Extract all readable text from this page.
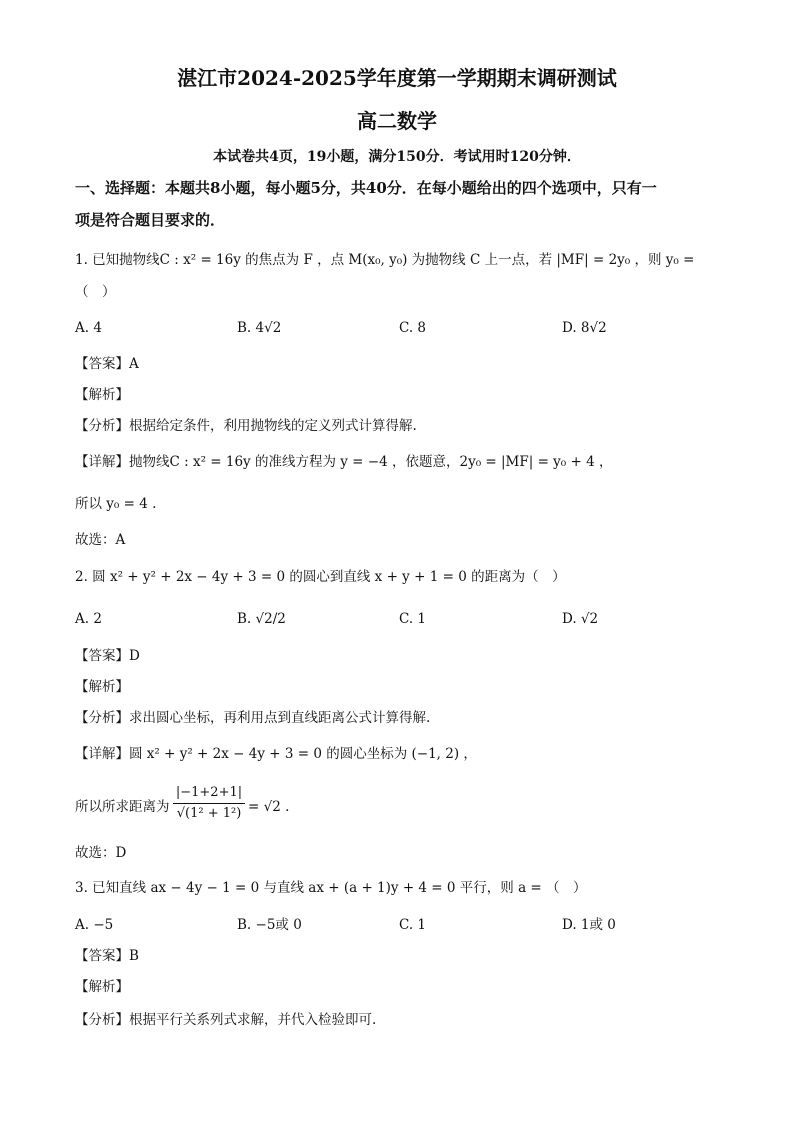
湛江市2024-2025学年度第一学期期末调研测试
高二数学
本试卷共4页，19小题，满分150分．考试用时120分钟．
一、选择题：本题共8小题，每小题5分，共40分．在每小题给出的四个选项中，只有一
项是符合题目要求的．
1. 已知抛物线C : x² = 16y 的焦点为 F ，点 M(x₀, y₀) 为抛物线 C 上一点，若 |MF| = 2y₀ ，则 y₀ =
（　）
A. 4	B. 4√2	C. 8	D. 8√2
【答案】A
【解析】
【分析】根据给定条件，利用抛物线的定义列式计算得解.
【详解】抛物线C : x² = 16y 的准线方程为 y = −4 ，依题意，2y₀ = |MF| = y₀ + 4 ，
所以 y₀ = 4 .
故选：A
2. 圆 x² + y² + 2x − 4y + 3 = 0 的圆心到直线 x + y + 1 = 0 的距离为（　）
A. 2	B. √2/2	C. 1	D. √2
【答案】D
【解析】
【分析】求出圆心坐标，再利用点到直线距离公式计算得解.
【详解】圆 x² + y² + 2x − 4y + 3 = 0 的圆心坐标为 (−1, 2) ，
所以所求距离为
|−1+2+1|
√(1² + 1²) = √2 .
故选：D
3. 已知直线 ax − 4y − 1 = 0 与直线 ax + (a + 1)y + 4 = 0 平行，则 a = （　）
A. −5	B. −5或 0	C. 1	D. 1或 0
【答案】B
【解析】
【分析】根据平行关系列式求解，并代入检验即可.
